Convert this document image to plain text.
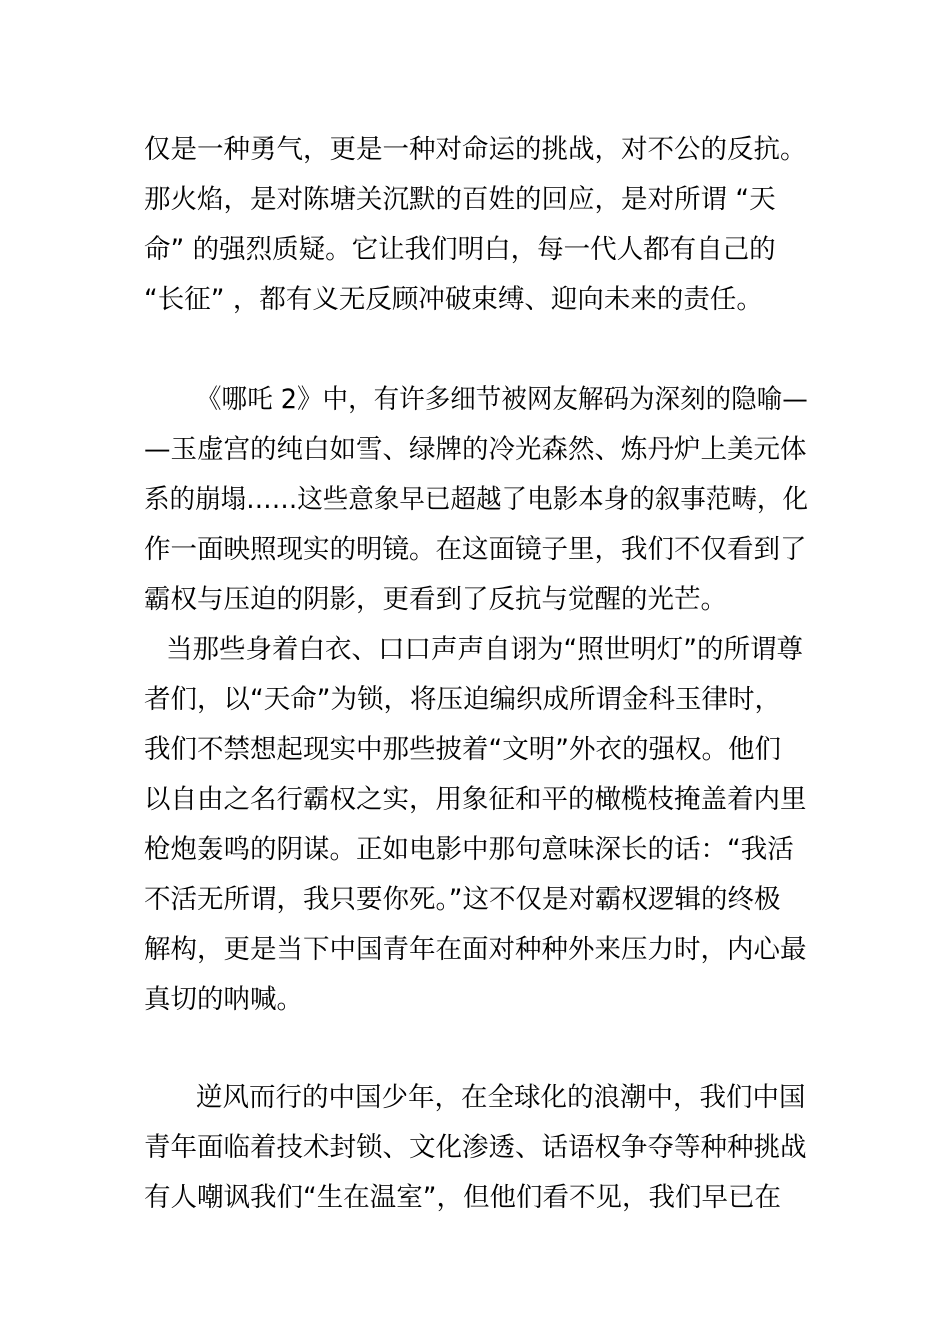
仅是一种勇气，更是一种对命运的挑战，对不公的反抗。
那火焰，是对陈塘关沉默的百姓的回应，是对所谓 “天
命” 的强烈质疑。它让我们明白，每一代人都有自己的
“长征” ，都有义无反顾冲破束缚、迎向未来的责任。
《哪吒 2》中，有许多细节被网友解码为深刻的隐喻—
—玉虚宫的纯白如雪、绿牌的冷光森然、炼丹炉上美元体
系的崩塌……这些意象早已超越了电影本身的叙事范畴，化
作一面映照现实的明镜。在这面镜子里，我们不仅看到了
霸权与压迫的阴影，更看到了反抗与觉醒的光芒。
当那些身着白衣、口口声声自诩为“照世明灯”的所谓尊
者们，以“天命”为锁，将压迫编织成所谓金科玉律时，
我们不禁想起现实中那些披着“文明”外衣的强权。他们
以自由之名行霸权之实，用象征和平的橄榄枝掩盖着内里
枪炮轰鸣的阴谋。正如电影中那句意味深长的话：“我活
不活无所谓，我只要你死。”这不仅是对霸权逻辑的终极
解构，更是当下中国青年在面对种种外来压力时，内心最
真切的呐喊。
逆风而行的中国少年，在全球化的浪潮中，我们中国
青年面临着技术封锁、文化渗透、话语权争夺等种种挑战
有人嘲讽我们“生在温室”，但他们看不见，我们早已在
